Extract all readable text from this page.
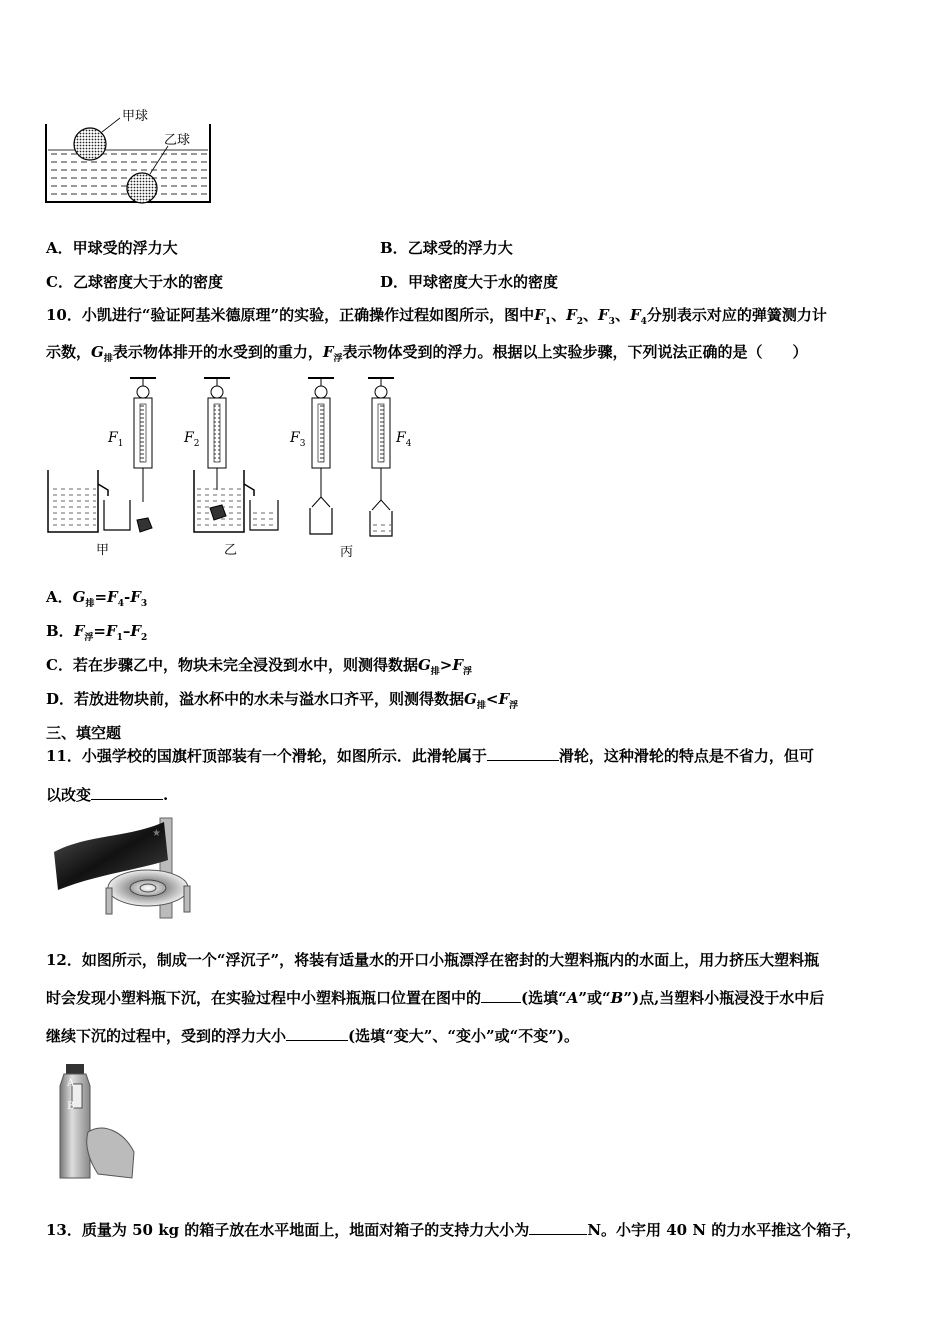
甲球
乙球
A．甲球受的浮力大	B．乙球受的浮力大
C．乙球密度大于水的密度	D．甲球密度大于水的密度
10．小凯进行“验证阿基米德原理”的实验，正确操作过程如图所示，图中$F_1$、$F_2$、$F_3$、$F_4$分别表示对应的弹簧测力计
示数，$G_排$表示物体排开的水受到的重力，$F_浮$表示物体受到的浮力。根据以上实验步骤，下列说法正确的是（　　）
$F_1$	$F_2$	$F_3$	$F_4$
甲	乙	丙
A．$G_排=F_4-F_3$
B．$F_浮=F_1-F_2$
C．若在步骤乙中，物块未完全浸没到水中，则测得数据$G_排>F_浮$
D．若放进物块前，溢水杯中的水未与溢水口齐平，则测得数据$G_排<F_浮$
三、填空题
11．小强学校的国旗杆顶部装有一个滑轮，如图所示．此滑轮属于	滑轮，这种滑轮的特点是不省力，但可
以改变	.
★
12．如图所示，制成一个“浮沉子”，将装有适量水的开口小瓶漂浮在密封的大塑料瓶内的水面上，用力挤压大塑料瓶
时会发现小塑料瓶下沉，在实验过程中小塑料瓶瓶口位置在图中的	(选填“A”或“B”)点,当塑料小瓶浸没于水中后
继续下沉的过程中，受到的浮力大小	(选填“变大”、“变小”或“不变”)。
A
B
13．质量为 50 kg 的箱子放在水平地面上，地面对箱子的支持力大小为	N。小宇用 40 N 的力水平推这个箱子，
